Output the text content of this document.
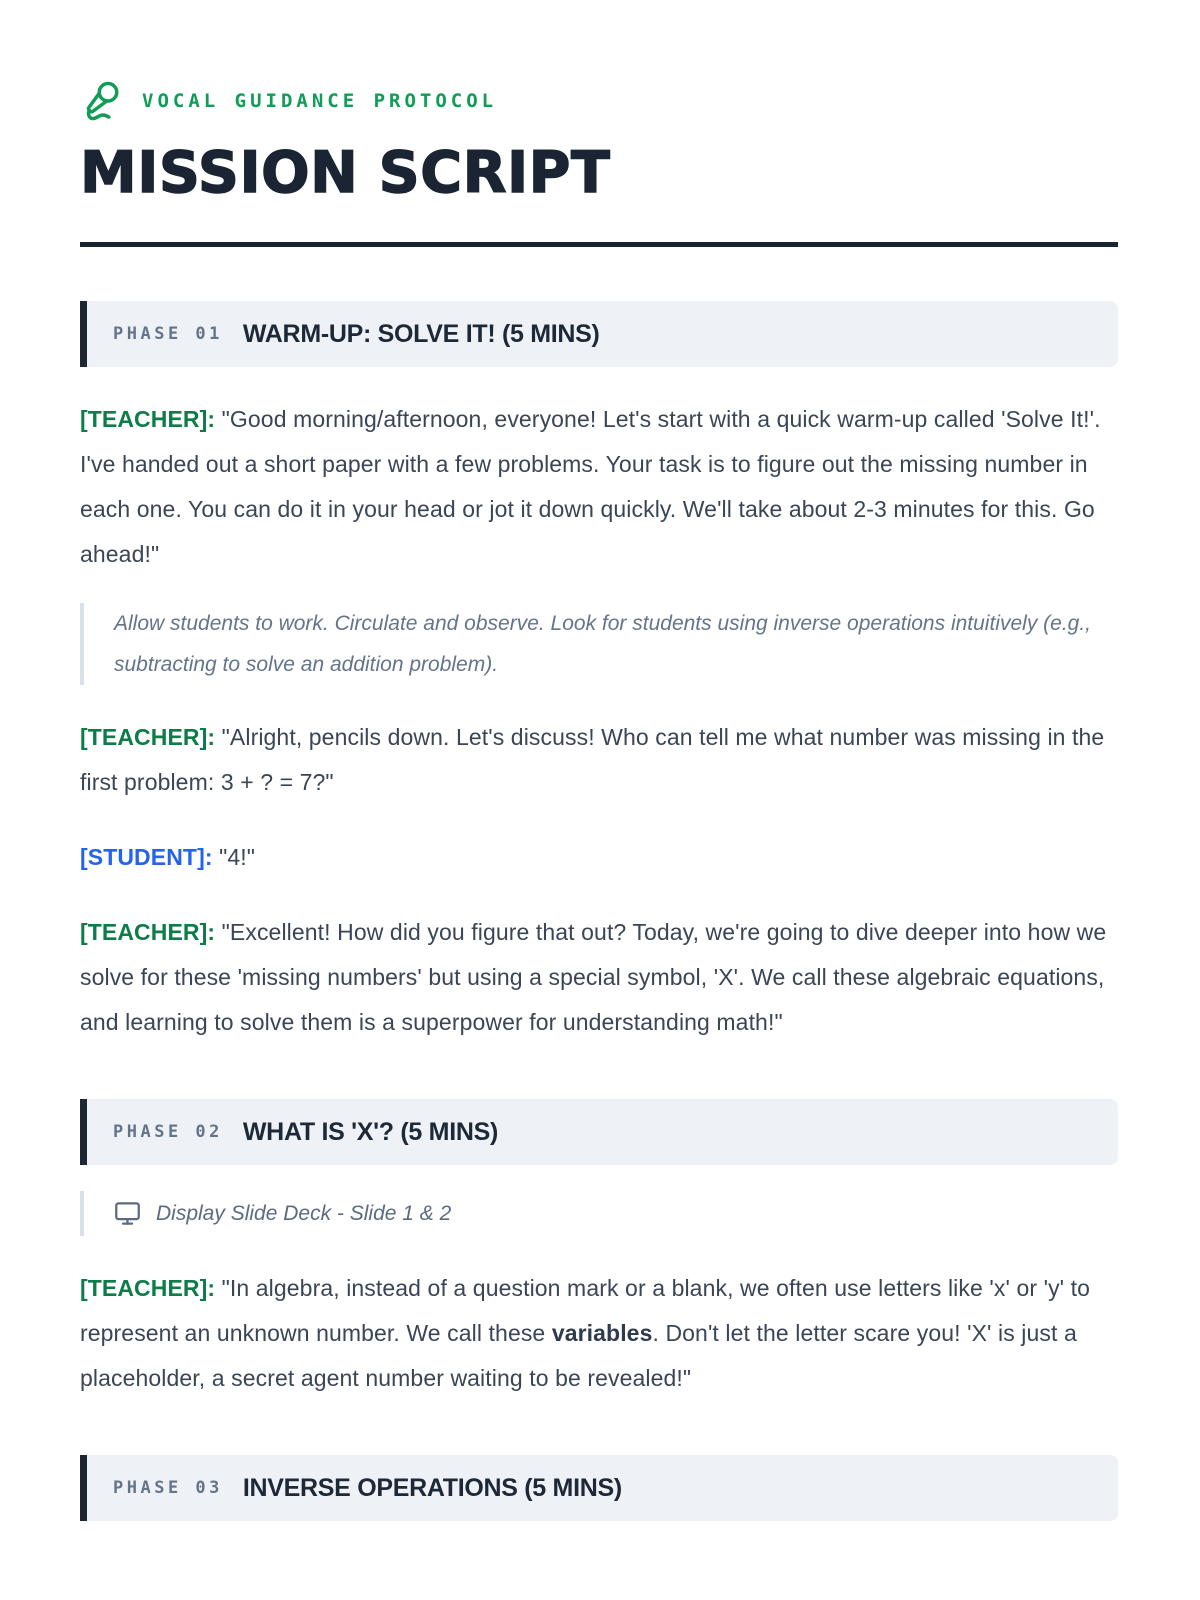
VOCAL GUIDANCE PROTOCOL
MISSION SCRIPT
PHASE 01 WARM-UP: SOLVE IT! (5 MINS)

[TEACHER]: "Good morning/afternoon, everyone! Let's start with a quick warm-up called 'Solve It!'. I've handed out a short paper with a few problems. Your task is to figure out the missing number in each one. You can do it in your head or jot it down quickly. We'll take about 2-3 minutes for this. Go ahead!"

Allow students to work. Circulate and observe. Look for students using inverse operations intuitively (e.g., subtracting to solve an addition problem).

[TEACHER]: "Alright, pencils down. Let's discuss! Who can tell me what number was missing in the first problem: 3 + ? = 7?"

[STUDENT]: "4!"

[TEACHER]: "Excellent! How did you figure that out? Today, we're going to dive deeper into how we solve for these 'missing numbers' but using a special symbol, 'X'. We call these algebraic equations, and learning to solve them is a superpower for understanding math!"

PHASE 02 WHAT IS 'X'? (5 MINS)
Display Slide Deck - Slide 1 & 2

[TEACHER]: "In algebra, instead of a question mark or a blank, we often use letters like 'x' or 'y' to represent an unknown number. We call these variables. Don't let the letter scare you! 'X' is just a placeholder, a secret agent number waiting to be revealed!"

PHASE 03 INVERSE OPERATIONS (5 MINS)
